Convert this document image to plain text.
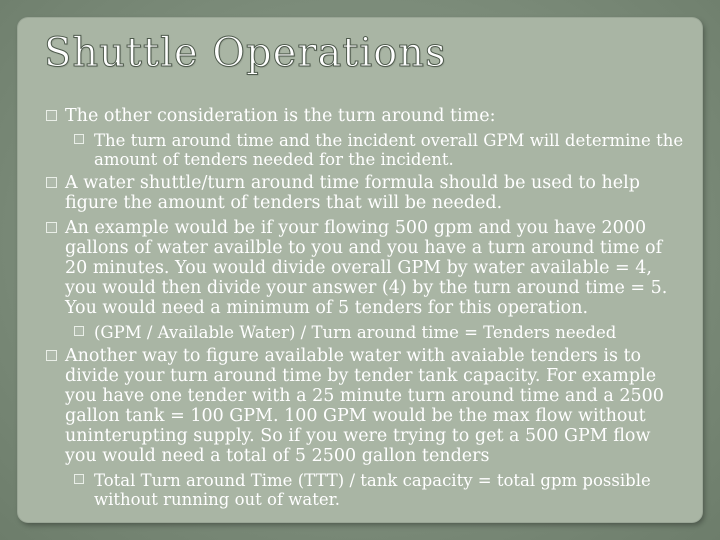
Shuttle Operations

The other consideration is the turn around time:

The turn around time and the incident overall GPM will determine the amount of tenders needed for the incident.

A water shuttle/turn around time formula should be used to help figure the amount of tenders that will be needed.

An example would be if your flowing 500 gpm and you have 2000 gallons of water availble to you and you have a turn around time of 20 minutes. You would divide overall GPM by water available = 4, you would then divide your answer (4) by the turn around time = 5. You would need a minimum of 5 tenders for this operation.

(GPM / Available Water) / Turn around time = Tenders needed

Another way to figure available water with avaiable tenders is to divide your turn around time by tender tank capacity. For example you have one tender with a 25 minute turn around time and a 2500 gallon tank = 100 GPM. 100 GPM would be the max flow without uninterupting supply. So if you were trying to get a 500 GPM flow you would need a total of 5 2500 gallon tenders

Total Turn around Time (TTT) / tank capacity = total gpm possible without running out of water.
